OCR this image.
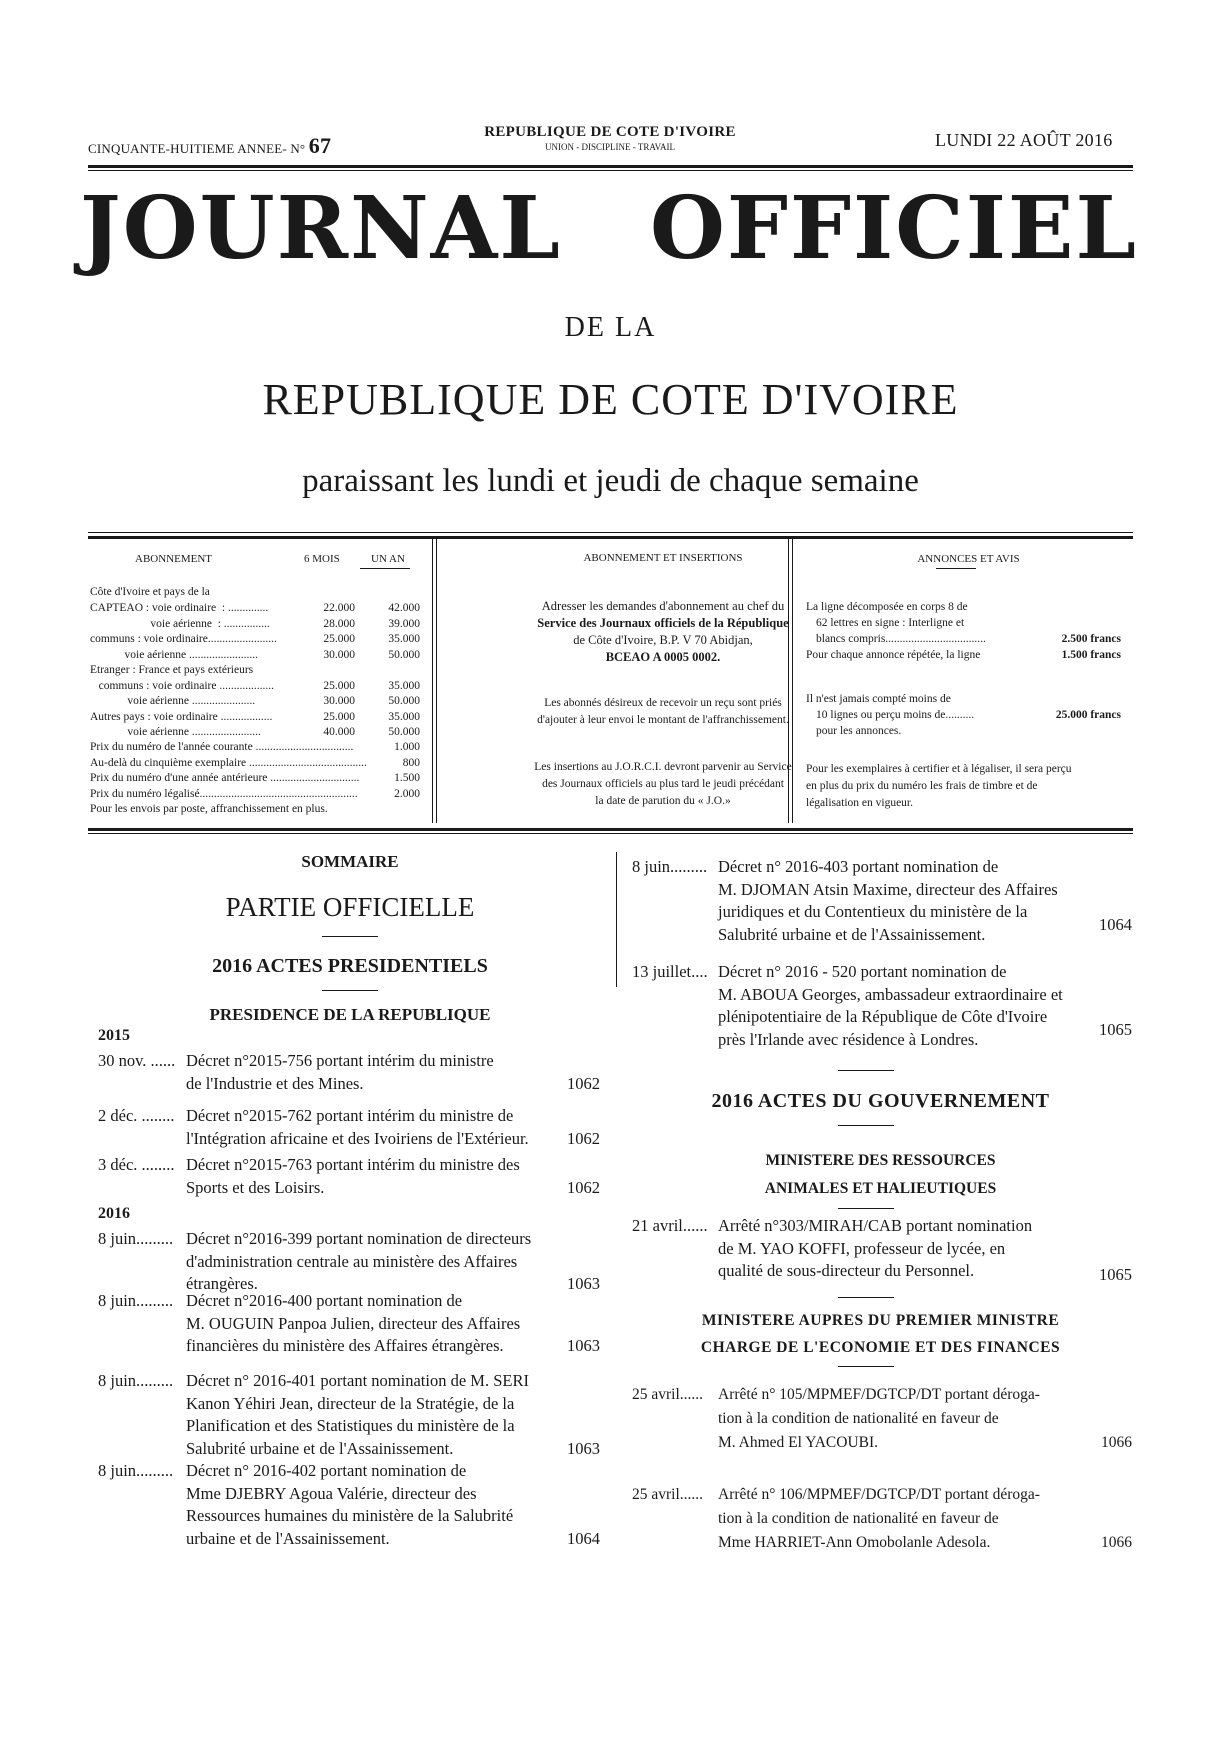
CINQUANTE-HUITIEME ANNEE- N° 67
REPUBLIQUE DE COTE D'IVOIRE
UNION - DISCIPLINE - TRAVAIL	LUNDI 22 AOÛT 2016
JOURNAL OFFICIEL
DE LA
REPUBLIQUE DE COTE D'IVOIRE
paraissant les lundi et jeudi de chaque semaine
ABONNEMENT	6 MOIS	UN AN
Côte d'Ivoire et pays de la
CAPTEAO : voie ordinaire  : ..............	22.000	42.000
voie aérienne  : ................	28.000	39.000
communs : voie ordinaire........................	25.000	35.000
voie aérienne ........................	30.000	50.000
Etranger : France et pays extérieurs
communs : voie ordinaire ...................	25.000	35.000
voie aérienne ......................	30.000	50.000
Autres pays : voie ordinaire ..................	25.000	35.000
voie aérienne ........................	40.000	50.000
Prix du numéro de l'année courante ..................................	1.000
Au-delà du cinquième exemplaire .........................................	800
Prix du numéro d'une année antérieure ...............................	1.500
Prix du numéro légalisé.......................................................	2.000
Pour les envois par poste, affranchissement en plus.
ABONNEMENT ET INSERTIONS
Adresser les demandes d'abonnement au chef du
Service des Journaux officiels de la République
de Côte d'Ivoire, B.P. V 70 Abidjan,
BCEAO A 0005 0002.
Les abonnés désireux de recevoir un reçu sont priés
d'ajouter à leur envoi le montant de l'affranchissement.
Les insertions au J.O.R.C.I. devront parvenir au Service
des Journaux officiels au plus tard le jeudi précédant
la date de parution du « J.O.»
ANNONCES ET AVIS
La ligne décomposée en corps 8 de
62 lettres en signe : Interligne et
blancs compris...................................	2.500 francs
Pour chaque annonce répétée, la ligne	1.500 francs
Il n'est jamais compté moins de
10 lignes ou perçu moins de..........	25.000 francs
pour les annonces.
Pour les exemplaires à certifier et à légaliser, il sera perçu
en plus du prix du numéro les frais de timbre et de
légalisation en vigueur.
SOMMAIRE
PARTIE OFFICIELLE
2016 ACTES PRESIDENTIELS
PRESIDENCE DE LA REPUBLIQUE
2015
2016
30 nov. ...... Décret n°2015-756 portant intérim du ministre
de l'Industrie et des Mines.	1062
2 déc. ........ Décret n°2015-762 portant intérim du ministre de
l'Intégration africaine et des Ivoiriens de l'Extérieur.	1062
3 déc. ........ Décret n°2015-763 portant intérim du ministre des
Sports et des Loisirs.	1062
8 juin......... Décret n°2016-399 portant nomination de directeurs
d'administration centrale au ministère des Affaires
étrangères.	1063
8 juin......... Décret n°2016-400 portant nomination de
M. OUGUIN Panpoa Julien, directeur des Affaires
financières du ministère des Affaires étrangères.	1063
8 juin......... Décret n° 2016-401 portant nomination de M. SERI
Kanon Yéhiri Jean, directeur de la Stratégie, de la
Planification et des Statistiques du ministère de la
Salubrité urbaine et de l'Assainissement.	1063
8 juin......... Décret n° 2016-402 portant nomination de
Mme DJEBRY Agoua Valérie, directeur des
Ressources humaines du ministère de la Salubrité
urbaine et de l'Assainissement.	1064
8 juin......... Décret n° 2016-403 portant nomination de
M. DJOMAN Atsin Maxime, directeur des Affaires
juridiques et du Contentieux du ministère de la
Salubrité urbaine et de l'Assainissement.
1064
13 juillet.... Décret n° 2016 - 520 portant nomination de
M. ABOUA Georges, ambassadeur extraordinaire et
plénipotentiaire de la République de Côte d'Ivoire
près l'Irlande avec résidence à Londres.
1065
2016 ACTES DU GOUVERNEMENT
MINISTERE DES RESSOURCES
ANIMALES ET HALIEUTIQUES
21 avril...... Arrêté n°303/MIRAH/CAB portant nomination
de M. YAO KOFFI, professeur de lycée, en
qualité de sous-directeur du Personnel.	1065
MINISTERE AUPRES DU PREMIER MINISTRE
CHARGE DE L'ECONOMIE ET DES FINANCES
25 avril...... Arrêté n° 105/MPMEF/DGTCP/DT portant déroga-
tion à la condition de nationalité en faveur de
M. Ahmed El YACOUBI.	1066
25 avril...... Arrêté n° 106/MPMEF/DGTCP/DT portant déroga-
tion à la condition de nationalité en faveur de
Mme HARRIET-Ann Omobolanle Adesola.	1066
